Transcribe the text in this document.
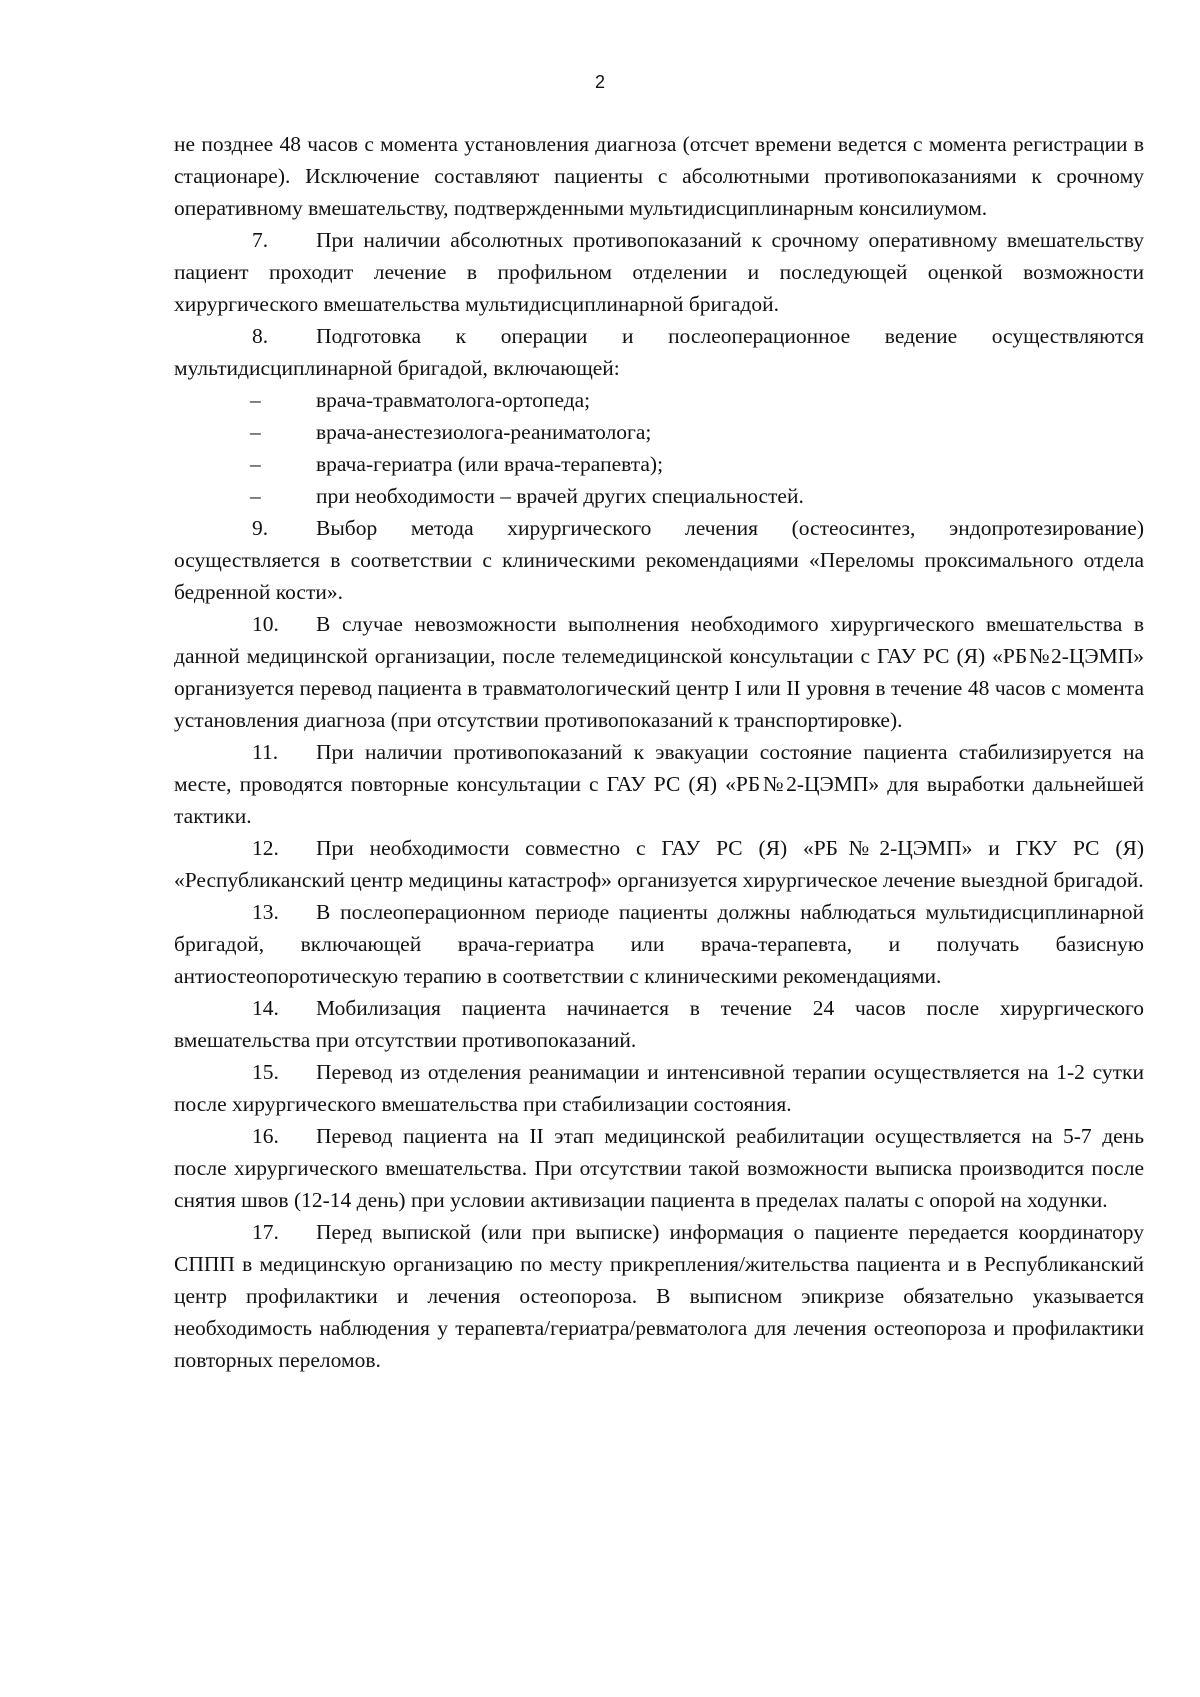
2

не позднее 48 часов с момента установления диагноза (отсчет времени ведется с момента регистрации в стационаре). Исключение составляют пациенты с абсолютными противопоказаниями к срочному оперативному вмешательству, подтвержденными мультидисциплинарным консилиумом.

7. При наличии абсолютных противопоказаний к срочному оперативному вмешательству пациент проходит лечение в профильном отделении и последующей оценкой возможности хирургического вмешательства мультидисциплинарной бригадой.

8. Подготовка к операции и послеоперационное ведение осуществляются мультидисциплинарной бригадой, включающей:

–	врача-травматолога-ортопеда;
–	врача-анестезиолога-реаниматолога;
–	врача-гериатра (или врача-терапевта);
–	при необходимости – врачей других специальностей.

9. Выбор метода хирургического лечения (остеосинтез, эндопротезирование) осуществляется в соответствии с клиническими рекомендациями «Переломы проксимального отдела бедренной кости».

10. В случае невозможности выполнения необходимого хирургического вмешательства в данной медицинской организации, после телемедицинской консультации с ГАУ РС (Я) «РБ№2-ЦЭМП» организуется перевод пациента в травматологический центр I или II уровня в течение 48 часов с момента установления диагноза (при отсутствии противопоказаний к транспортировке).

11. При наличии противопоказаний к эвакуации состояние пациента стабилизируется на месте, проводятся повторные консультации с ГАУ РС (Я) «РБ№2-ЦЭМП» для выработки дальнейшей тактики.

12. При необходимости совместно с ГАУ РС (Я) «РБ№2-ЦЭМП» и ГКУ РС (Я) «Республиканский центр медицины катастроф» организуется хирургическое лечение выездной бригадой.

13. В послеоперационном периоде пациенты должны наблюдаться мультидисциплинарной бригадой, включающей врача-гериатра или врача-терапевта, и получать базисную антиостеопоротическую терапию в соответствии с клиническими рекомендациями.

14. Мобилизация пациента начинается в течение 24 часов после хирургического вмешательства при отсутствии противопоказаний.

15. Перевод из отделения реанимации и интенсивной терапии осуществляется на 1-2 сутки после хирургического вмешательства при стабилизации состояния.

16. Перевод пациента на II этап медицинской реабилитации осуществляется на 5-7 день после хирургического вмешательства. При отсутствии такой возможности выписка производится после снятия швов (12-14 день) при условии активизации пациента в пределах палаты с опорой на ходунки.

17. Перед выпиской (или при выписке) информация о пациенте передается координатору СППП в медицинскую организацию по месту прикрепления/жительства пациента и в Республиканский центр профилактики и лечения остеопороза. В выписном эпикризе обязательно указывается необходимость наблюдения у терапевта/гериатра/ревматолога для лечения остеопороза и профилактики повторных переломов.
